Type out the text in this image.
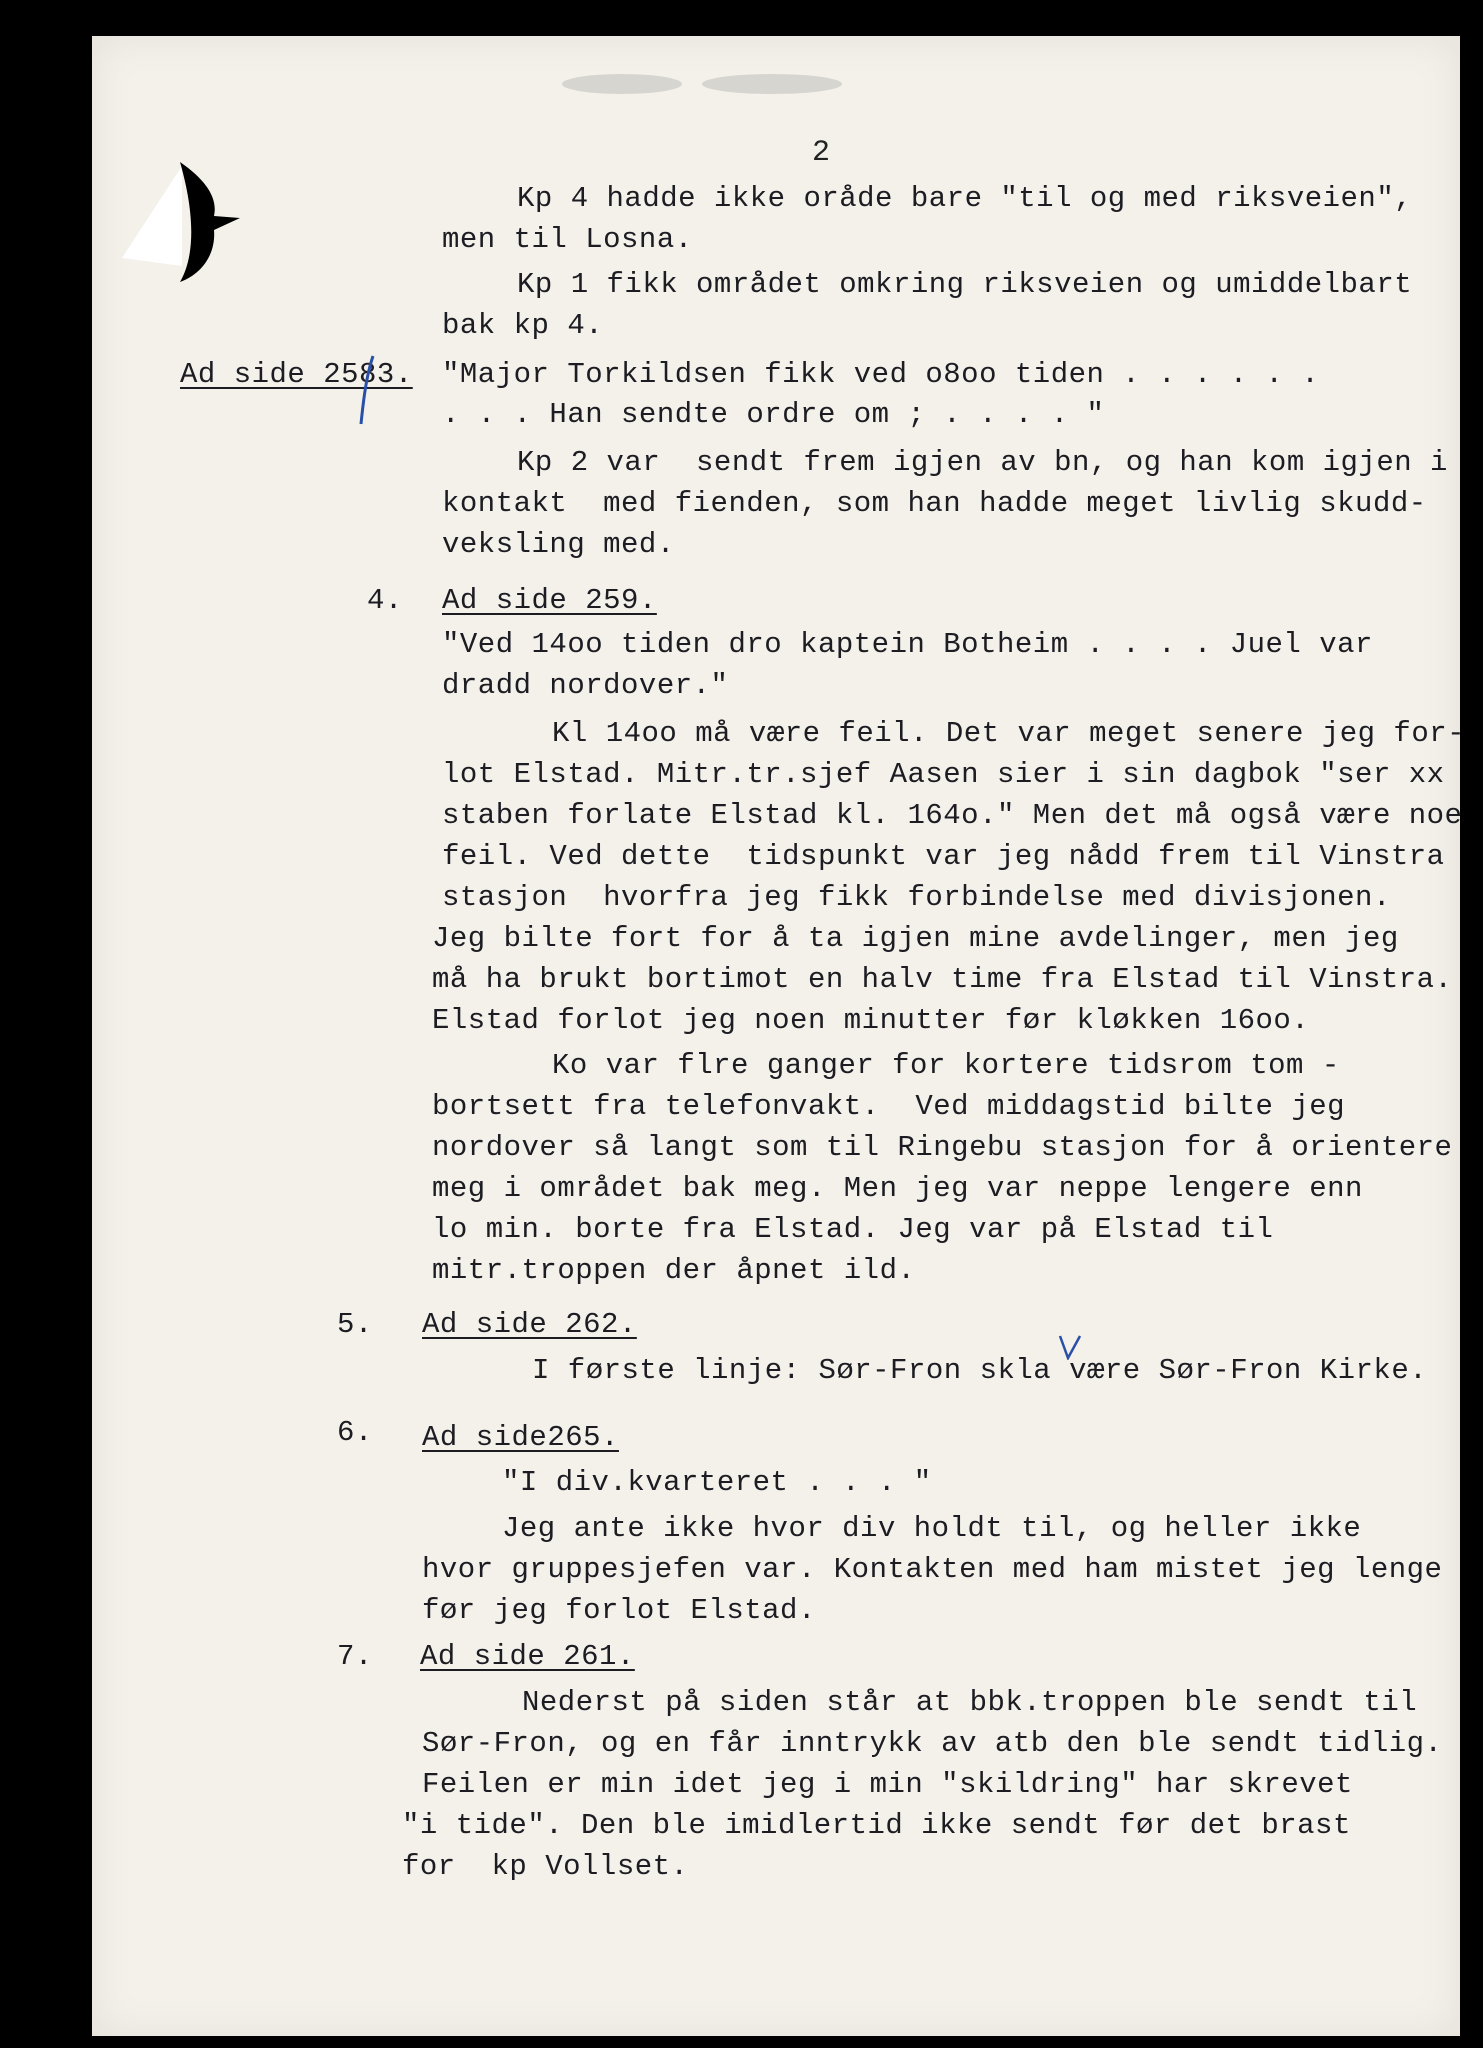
2

Kp 4 hadde ikke oråde bare "til og med riksveien",

men til Losna.

Kp 1 fikk området omkring riksveien og umiddelbart

bak kp 4.

Ad side 2583. "Major Torkildsen fikk ved o8oo tiden . . . . . .

. . . Han sendte ordre om ; . . . . "

Kp 2 var  sendt frem igjen av bn, og han kom igjen i

kontakt  med fienden, som han hadde meget livlig skudd-

veksling med.

4. Ad side 259.

"Ved 14oo tiden dro kaptein Botheim . . . . Juel var

dradd nordover."

Kl 14oo må være feil. Det var meget senere jeg for-

lot Elstad. Mitr.tr.sjef Aasen sier i sin dagbok "ser xx

staben forlate Elstad kl. 164o." Men det må også være noe

feil. Ved dette  tidspunkt var jeg nådd frem til Vinstra

stasjon  hvorfra jeg fikk forbindelse med divisjonen.

Jeg bilte fort for å ta igjen mine avdelinger, men jeg

må ha brukt bortimot en halv time fra Elstad til Vinstra.

Elstad forlot jeg noen minutter før kløkken 16oo.

Ko var flre ganger for kortere tidsrom tom -

bortsett fra telefonvakt.  Ved middagstid bilte jeg

nordover så langt som til Ringebu stasjon for å orientere

meg i området bak meg. Men jeg var neppe lengere enn

lo min. borte fra Elstad. Jeg var på Elstad til

mitr.troppen der åpnet ild.

5. Ad side 262.

I første linje: Sør-Fron skla være Sør-Fron Kirke.

6. Ad side265.

"I div.kvarteret . . . "

Jeg ante ikke hvor div holdt til, og heller ikke

hvor gruppesjefen var. Kontakten med ham mistet jeg lenge

før jeg forlot Elstad.

7. Ad side 261.

Nederst på siden står at bbk.troppen ble sendt til

Sør-Fron, og en får inntrykk av atb den ble sendt tidlig.

Feilen er min idet jeg i min "skildring" har skrevet

"i tide". Den ble imidlertid ikke sendt før det brast

for  kp Vollset.
